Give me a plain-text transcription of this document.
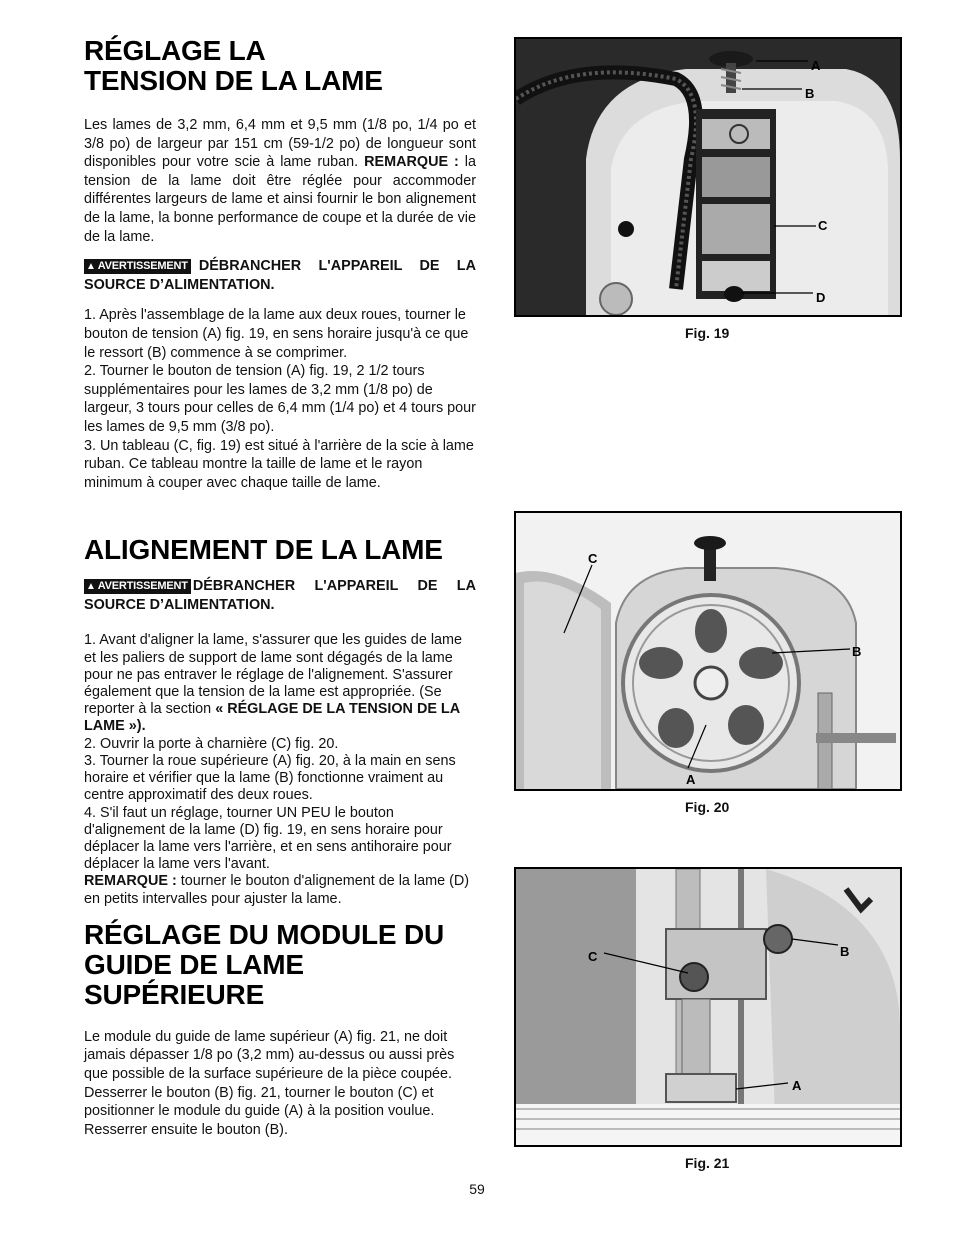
RÉGLAGE LA
TENSION DE LA LAME

Les lames de 3,2 mm, 6,4 mm et 9,5 mm (1/8 po, 1/4 po et 3/8 po) de largeur par 151 cm (59-1/2 po) de longueur sont disponibles pour votre scie à lame ruban. REMARQUE : la tension de la lame doit être réglée pour accommoder différentes largeurs de lame et ainsi fournir le bon alignement de la lame, la bonne performance de coupe et la durée de vie de la lame.

▲ AVERTISSEMENT DÉBRANCHER L'APPAREIL DE LA SOURCE D’ALIMENTATION.

1. Après l'assemblage de la lame aux deux roues, tourner le bouton de tension (A) fig. 19, en sens horaire jusqu'à ce que le ressort (B) commence à se comprimer.
2. Tourner le bouton de tension (A) fig. 19, 2 1/2 tours supplémentaires pour les lames de 3,2 mm (1/8 po) de largeur, 3 tours pour celles de 6,4 mm (1/4 po) et 4 tours pour les lames de 9,5 mm (3/8 po).
3. Un tableau (C, fig. 19) est situé à l'arrière de la scie à lame ruban. Ce tableau montre la taille de lame et le rayon minimum à couper avec chaque taille de lame.

ALIGNEMENT DE LA LAME

▲ AVERTISSEMENT DÉBRANCHER L'APPAREIL DE LA SOURCE D’ALIMENTATION.

1. Avant d'aligner la lame, s'assurer que les guides de lame et les paliers de support de lame sont dégagés de la lame pour ne pas entraver le réglage de l'alignement. S'assurer également que la tension de la lame est appropriée. (Se reporter à la section « RÉGLAGE DE LA TENSION DE LA LAME »).
2. Ouvrir la porte à charnière (C) fig. 20.
3. Tourner la roue supérieure (A) fig. 20, à la main en sens horaire et vérifier que la lame (B) fonctionne vraiment au centre approximatif des deux roues.
4. S'il faut un réglage, tourner UN PEU le bouton d'alignement de la lame (D) fig. 19, en sens horaire pour déplacer la lame vers l'arrière, et en sens antihoraire pour déplacer la lame vers l'avant.
REMARQUE : tourner le bouton d'alignement de la lame (D) en petits intervalles pour ajuster la lame.

RÉGLAGE DU MODULE DU
GUIDE DE LAME
SUPÉRIEURE

Le module du guide de lame supérieur (A) fig. 21, ne doit jamais dépasser 1/8 po (3,2 mm) au-dessus ou aussi près que possible de la surface supérieure de la pièce coupée.
Desserrer le bouton (B) fig. 21, tourner le bouton (C) et positionner le module du guide (A) à la position voulue. Resserrer ensuite le bouton (B).

A
B
C
D
Fig. 19
C
B
A
Fig. 20
C	B
A
Fig. 21
59
